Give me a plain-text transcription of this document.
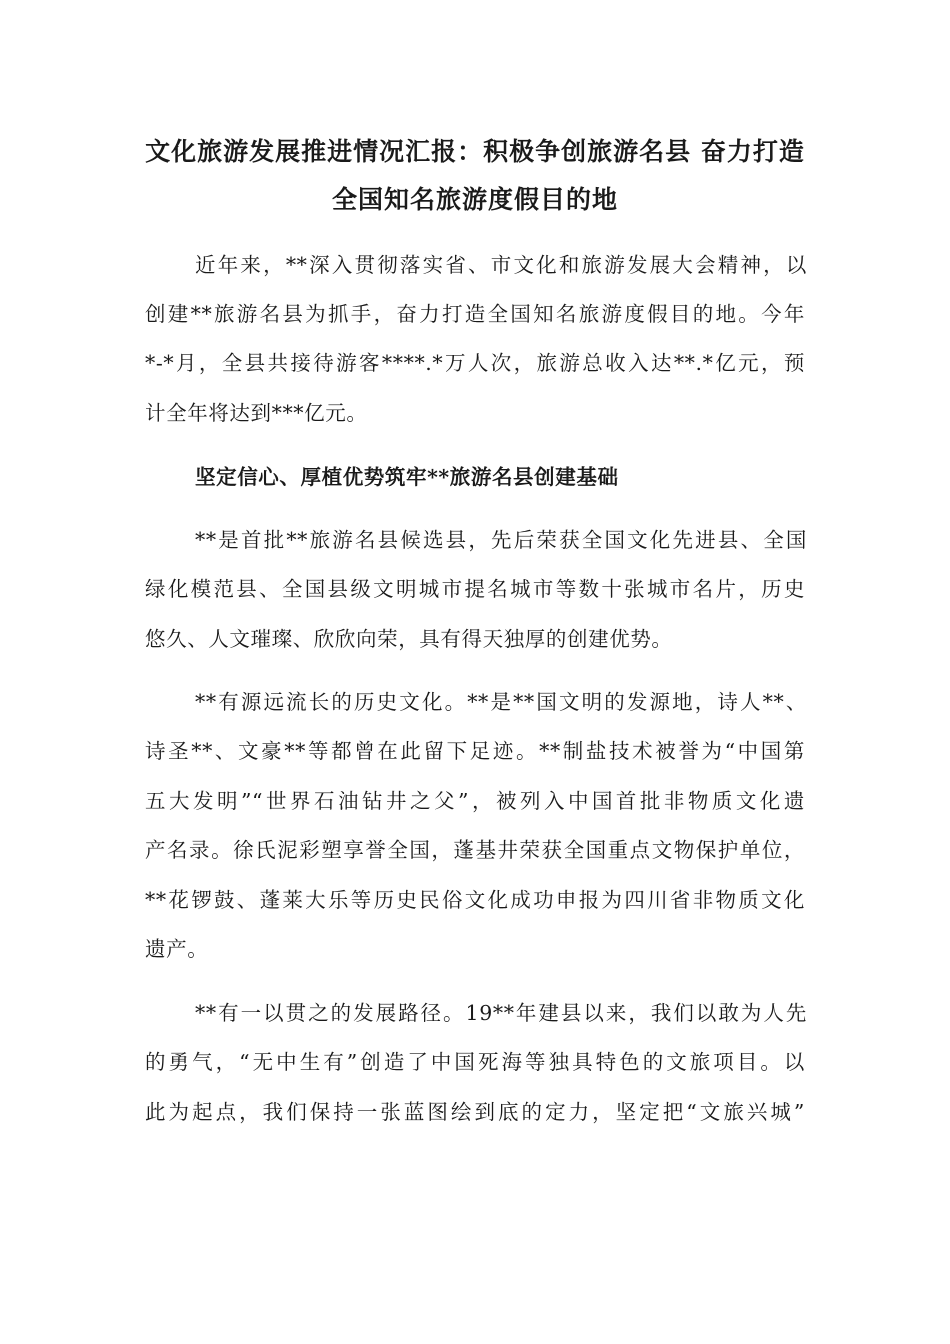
文化旅游发展推进情况汇报：积极争创旅游名县 奋力打造
全国知名旅游度假目的地
近年来，**深入贯彻落实省、市文化和旅游发展大会精神，以
创建**旅游名县为抓手，奋力打造全国知名旅游度假目的地。今年
*-*月，全县共接待游客****.*万人次，旅游总收入达**.*亿元，预
计全年将达到***亿元。
坚定信心、厚植优势筑牢**旅游名县创建基础
**是首批**旅游名县候选县，先后荣获全国文化先进县、全国
绿化模范县、全国县级文明城市提名城市等数十张城市名片，历史
悠久、人文璀璨、欣欣向荣，具有得天独厚的创建优势。
**有源远流长的历史文化。**是**国文明的发源地，诗人**、
诗圣**、文豪**等都曾在此留下足迹。**制盐技术被誉为“中国第
五大发明”“世界石油钻井之父”，被列入中国首批非物质文化遗
产名录。徐氏泥彩塑享誉全国，蓬基井荣获全国重点文物保护单位，
**花锣鼓、蓬莱大乐等历史民俗文化成功申报为四川省非物质文化
遗产。
**有一以贯之的发展路径。19**年建县以来，我们以敢为人先
的勇气，“无中生有”创造了中国死海等独具特色的文旅项目。以
此为起点，我们保持一张蓝图绘到底的定力，坚定把“文旅兴城”
